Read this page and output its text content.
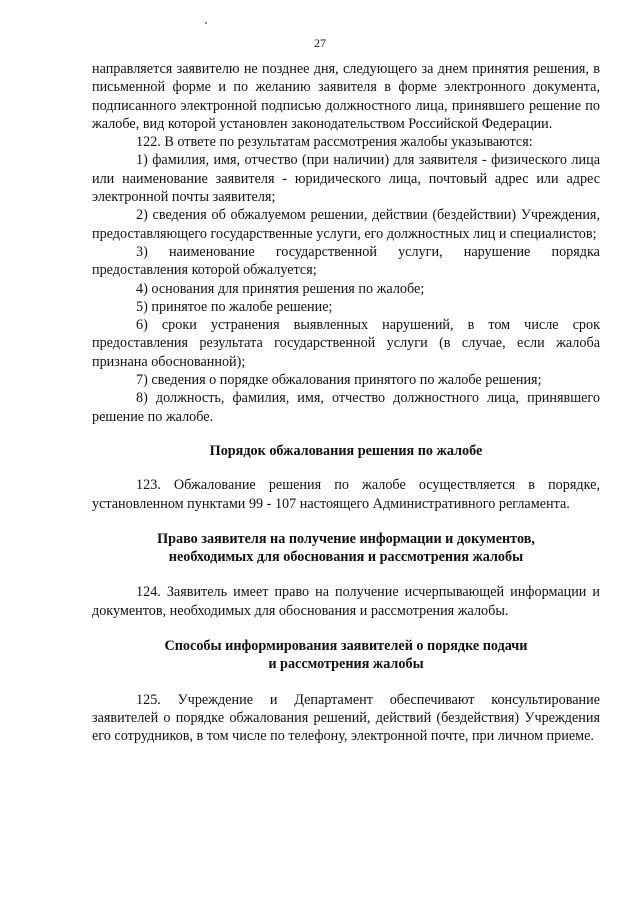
27

направляется заявителю не позднее дня, следующего за днем принятия решения, в письменной форме и по желанию заявителя в форме электронного документа, подписанного электронной подписью должностного лица, принявшего решение по жалобе, вид которой установлен законодательством Российской Федерации.

122. В ответе по результатам рассмотрения жалобы указываются:

1) фамилия, имя, отчество (при наличии) для заявителя - физического лица или наименование заявителя - юридического лица, почтовый адрес или адрес электронной почты заявителя;

2) сведения об обжалуемом решении, действии (бездействии) Учреждения, предоставляющего государственные услуги, его должностных лиц и специалистов;

3) наименование государственной услуги, нарушение порядка предоставления которой обжалуется;

4) основания для принятия решения по жалобе;

5) принятое по жалобе решение;

6) сроки устранения выявленных нарушений, в том числе срок предоставления результата государственной услуги (в случае, если жалоба признана обоснованной);

7) сведения о порядке обжалования принятого по жалобе решения;

8) должность, фамилия, имя, отчество должностного лица, принявшего решение по жалобе.

Порядок обжалования решения по жалобе

123. Обжалование решения по жалобе осуществляется в порядке, установленном пунктами 99 - 107 настоящего Административного регламента.

Право заявителя на получение информации и документов,
необходимых для обоснования и рассмотрения жалобы

124. Заявитель имеет право на получение исчерпывающей информации и документов, необходимых для обоснования и рассмотрения жалобы.

Способы информирования заявителей о порядке подачи
и рассмотрения жалобы

125. Учреждение и Департамент обеспечивают консультирование заявителей о порядке обжалования решений, действий (бездействия) Учреждения его сотрудников, в том числе по телефону, электронной почте, при личном приеме.
